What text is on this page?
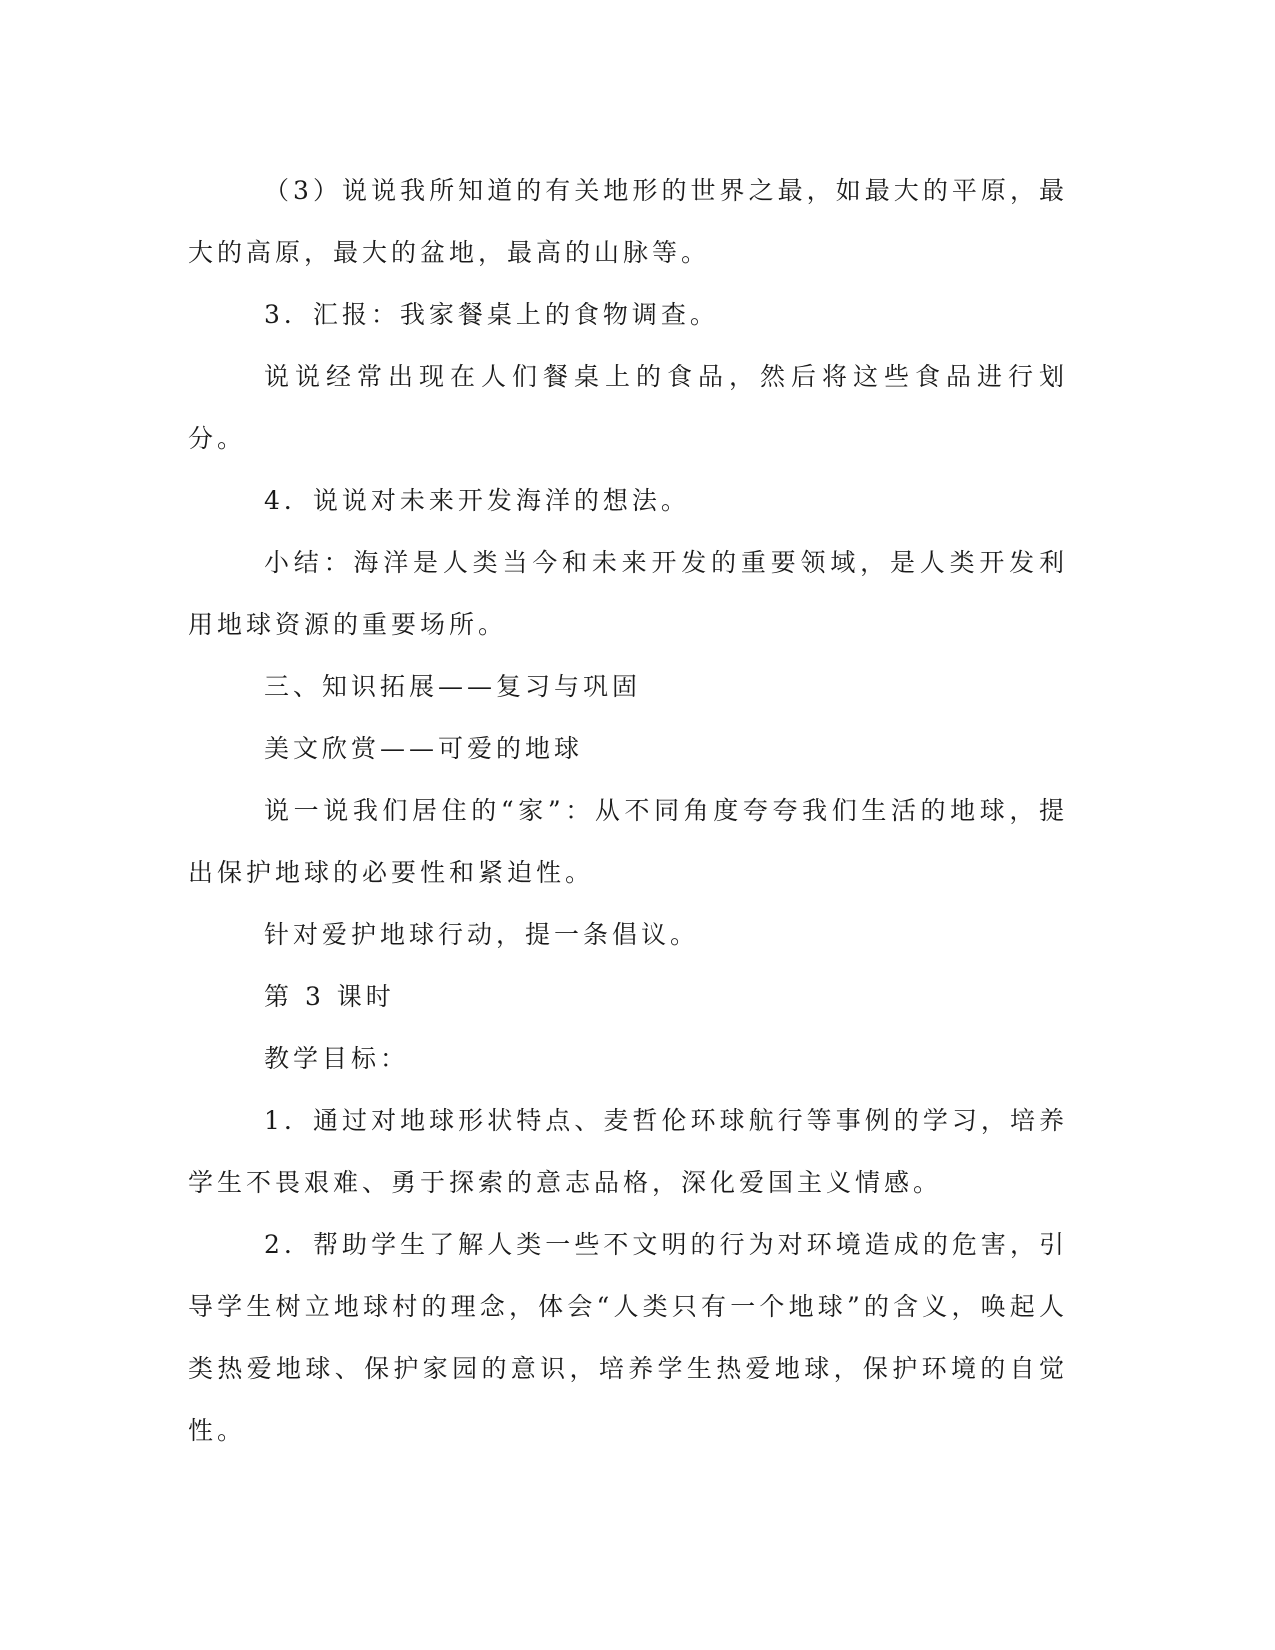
（3）说说我所知道的有关地形的世界之最，如最大的平原，最大的高原，最大的盆地，最高的山脉等。

3．汇报：我家餐桌上的食物调查。

说说经常出现在人们餐桌上的食品，然后将这些食品进行划分。

4．说说对未来开发海洋的想法。

小结：海洋是人类当今和未来开发的重要领域，是人类开发利用地球资源的重要场所。

三、知识拓展——复习与巩固

美文欣赏——可爱的地球

说一说我们居住的“家”：从不同角度夸夸我们生活的地球，提出保护地球的必要性和紧迫性。

针对爱护地球行动，提一条倡议。

第 3 课时

教学目标：

1．通过对地球形状特点、麦哲伦环球航行等事例的学习，培养学生不畏艰难、勇于探索的意志品格，深化爱国主义情感。

2．帮助学生了解人类一些不文明的行为对环境造成的危害，引导学生树立地球村的理念，体会“人类只有一个地球”的含义，唤起人类热爱地球、保护家园的意识，培养学生热爱地球，保护环境的自觉性。
